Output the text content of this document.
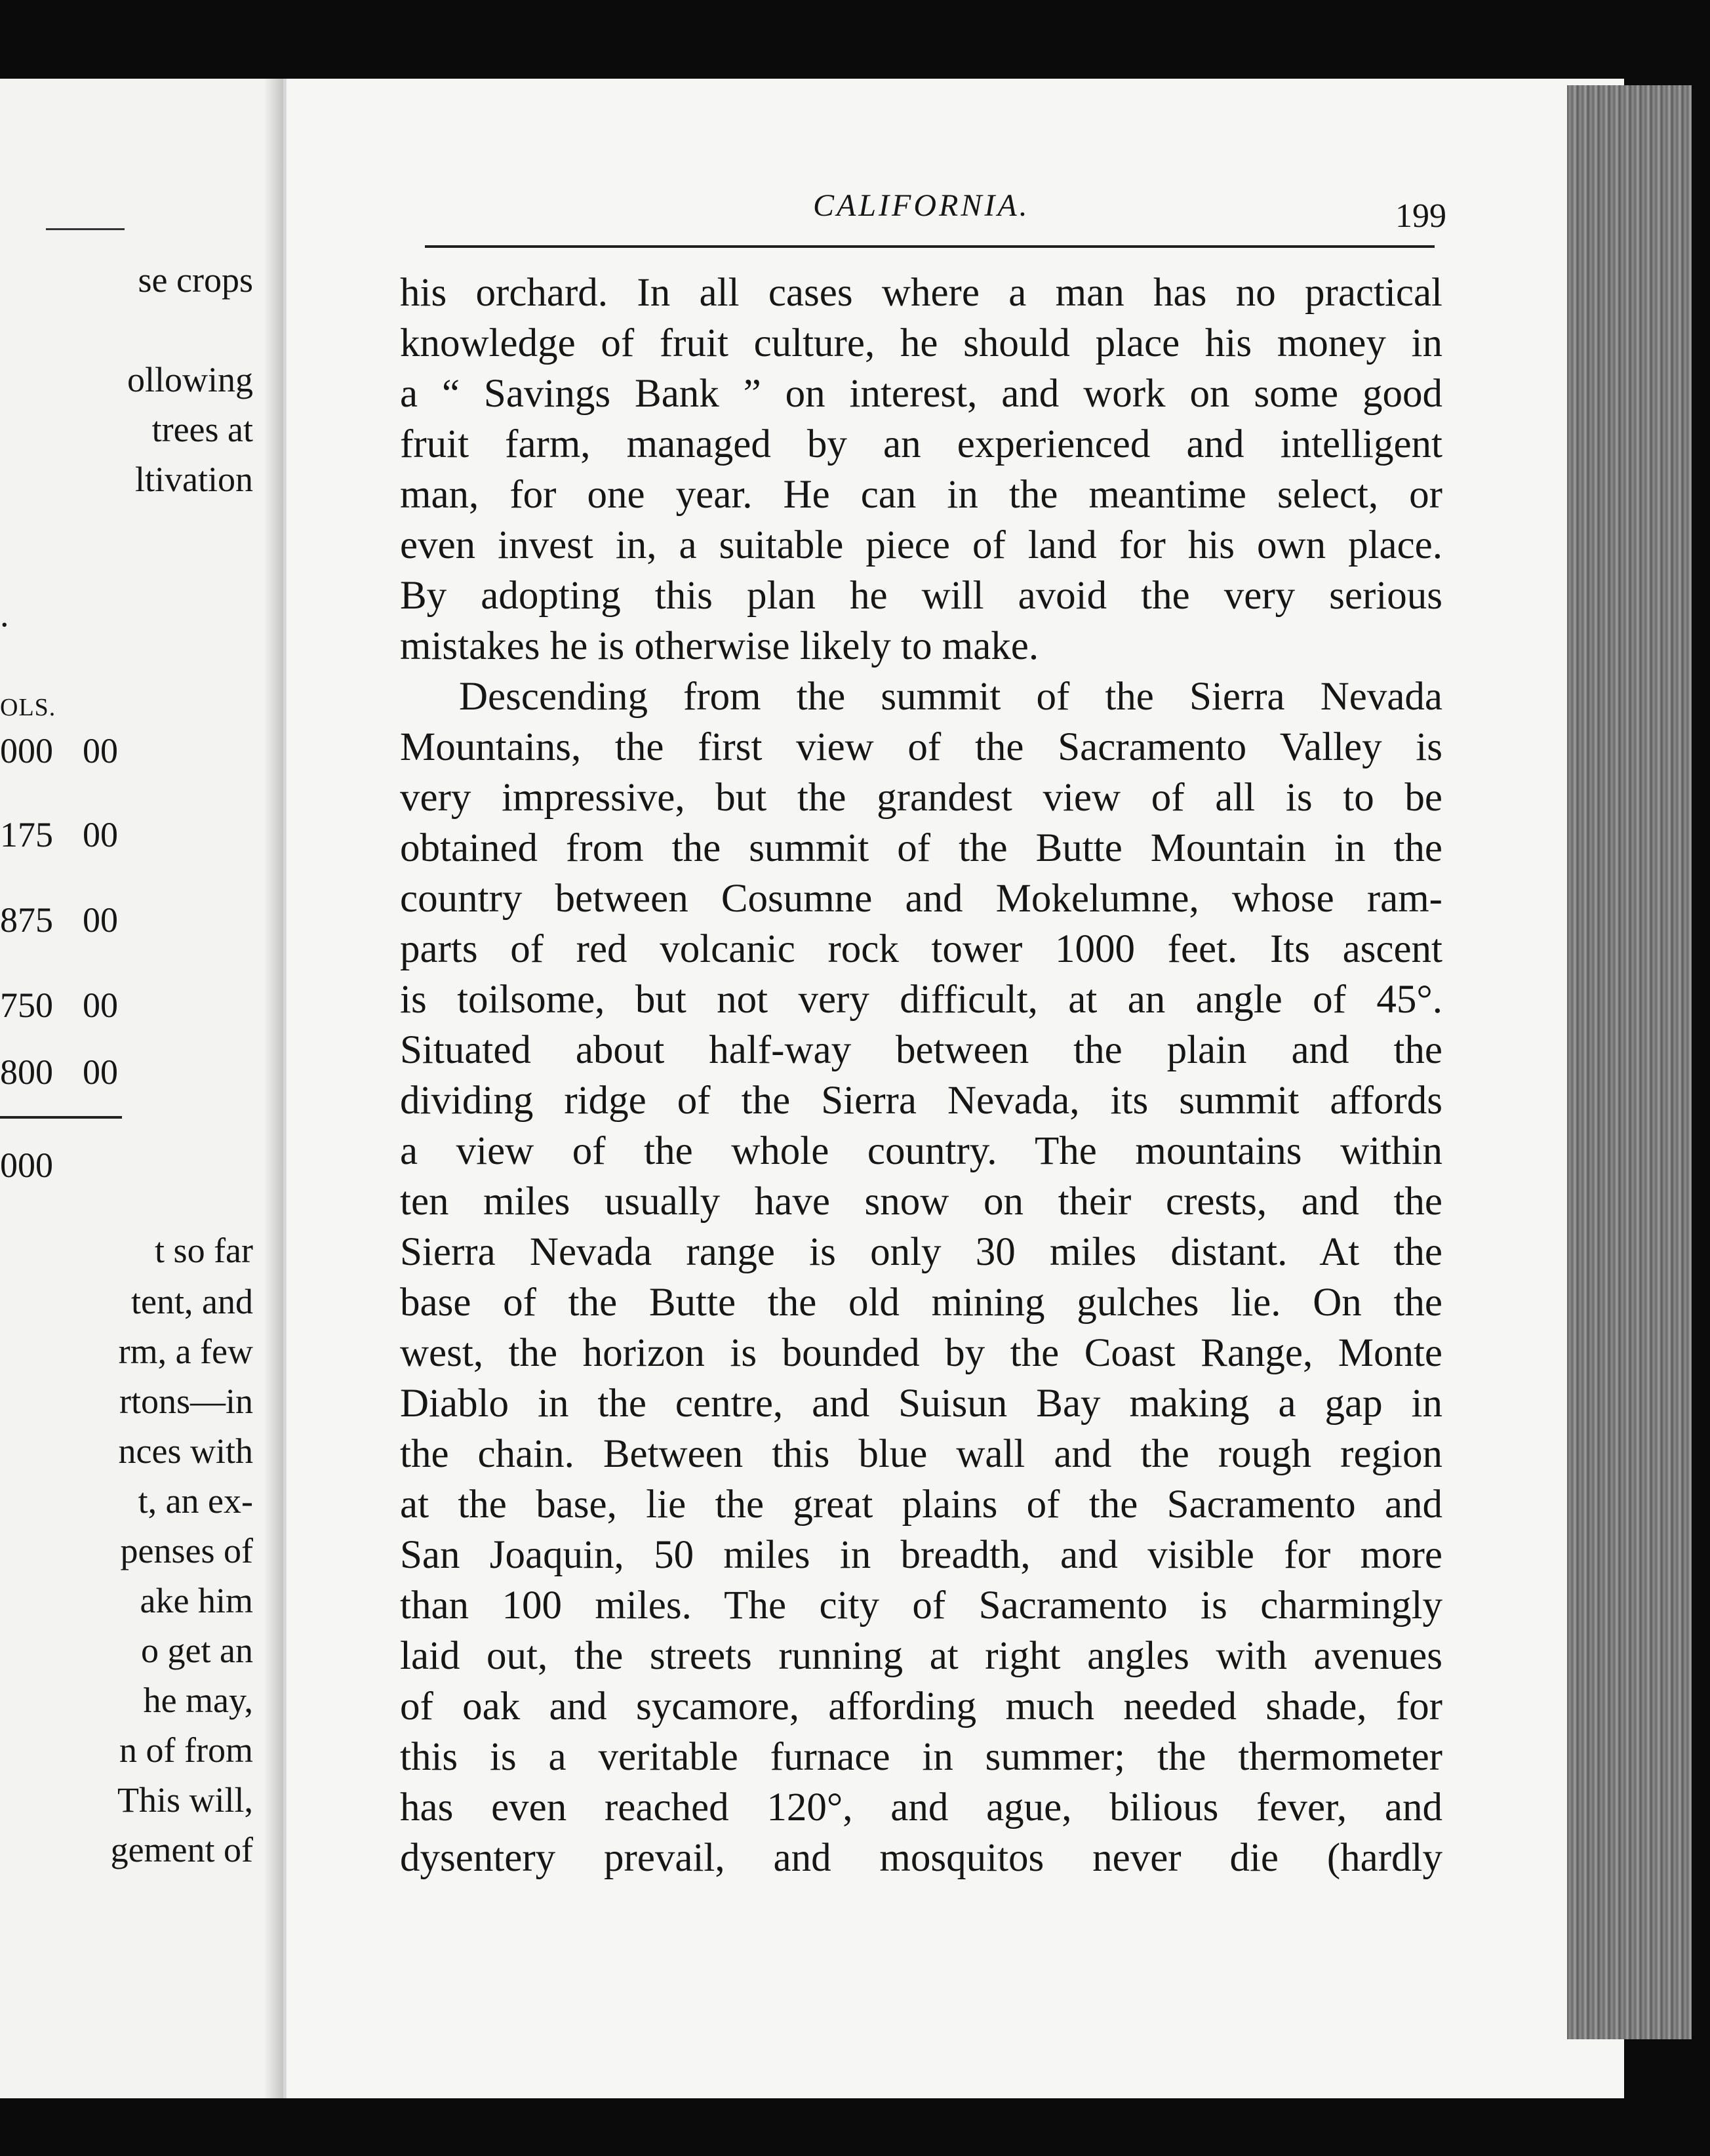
se crops
ollowing
trees at
ltivation
.
OLS.
000 00
175 00
875 00
750 00
800 00
000
t so far
tent, and
rm, a few
rtons—in
nces with
t, an ex-
penses of
ake him
o get an
he may,
n of from
This will,
gement of
CALIFORNIA.	199
his orchard. In all cases where a man has no practical
knowledge of fruit culture, he should place his money in
a “ Savings Bank ” on interest, and work on some good
fruit farm, managed by an experienced and intelligent
man, for one year. He can in the meantime select, or
even invest in, a suitable piece of land for his own place.
By adopting this plan he will avoid the very serious
mistakes he is otherwise likely to make.
Descending from the summit of the Sierra Nevada
Mountains, the first view of the Sacramento Valley is
very impressive, but the grandest view of all is to be
obtained from the summit of the Butte Mountain in the
country between Cosumne and Mokelumne, whose ram-
parts of red volcanic rock tower 1000 feet. Its ascent
is toilsome, but not very difficult, at an angle of 45°.
Situated about half-way between the plain and the
dividing ridge of the Sierra Nevada, its summit affords
a view of the whole country. The mountains within
ten miles usually have snow on their crests, and the
Sierra Nevada range is only 30 miles distant. At the
base of the Butte the old mining gulches lie. On the
west, the horizon is bounded by the Coast Range, Monte
Diablo in the centre, and Suisun Bay making a gap in
the chain. Between this blue wall and the rough region
at the base, lie the great plains of the Sacramento and
San Joaquin, 50 miles in breadth, and visible for more
than 100 miles. The city of Sacramento is charmingly
laid out, the streets running at right angles with avenues
of oak and sycamore, affording much needed shade, for
this is a veritable furnace in summer; the thermometer
has even reached 120°, and ague, bilious fever, and
dysentery prevail, and mosquitos never die (hardly
